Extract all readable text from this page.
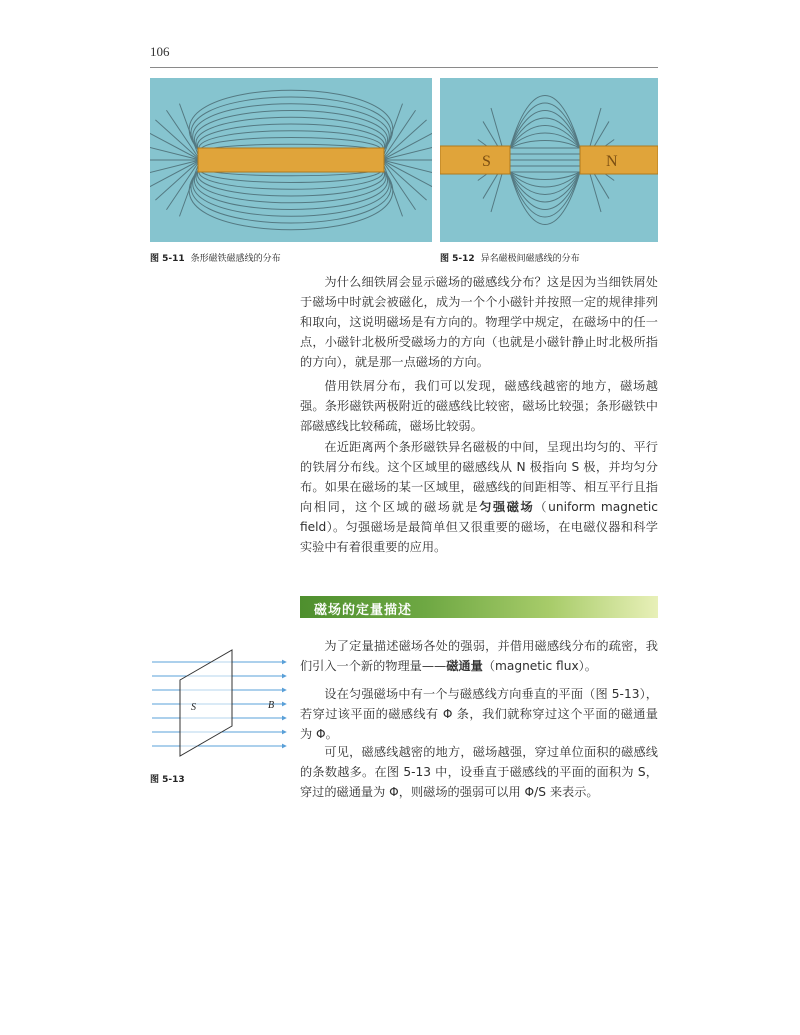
106
S	N
图 5-11 条形磁铁磁感线的分布	图 5-12 异名磁极间磁感线的分布

为什么细铁屑会显示磁场的磁感线分布？这是因为当细铁屑处于磁场中时就会被磁化，成为一个个小磁针并按照一定的规律排列和取向，这说明磁场是有方向的。物理学中规定，在磁场中的任一点，小磁针北极所受磁场力的方向（也就是小磁针静止时北极所指的方向），就是那一点磁场的方向。

借用铁屑分布，我们可以发现，磁感线越密的地方，磁场越强。条形磁铁两极附近的磁感线比较密，磁场比较强；条形磁铁中部磁感线比较稀疏，磁场比较弱。

在近距离两个条形磁铁异名磁极的中间，呈现出均匀的、平行的铁屑分布线。这个区域里的磁感线从 N 极指向 S 极，并均匀分布。如果在磁场的某一区域里，磁感线的间距相等、相互平行且指向相同，这个区域的磁场就是匀强磁场（uniform magnetic field）。匀强磁场是最简单但又很重要的磁场，在电磁仪器和科学实验中有着很重要的应用。

磁场的定量描述

为了定量描述磁场各处的强弱，并借用磁感线分布的疏密，我们引入一个新的物理量——磁通量（magnetic flux）。

设在匀强磁场中有一个与磁感线方向垂直的平面（图 5-13），若穿过该平面的磁感线有 Φ 条，我们就称穿过这个平面的磁通量为 Φ。

可见，磁感线越密的地方，磁场越强，穿过单位面积的磁感线的条数越多。在图 5-13 中，设垂直于磁感线的平面的面积为 S，穿过的磁通量为 Φ，则磁场的强弱可以用 Φ/S 来表示。

S	B
图 5-13
